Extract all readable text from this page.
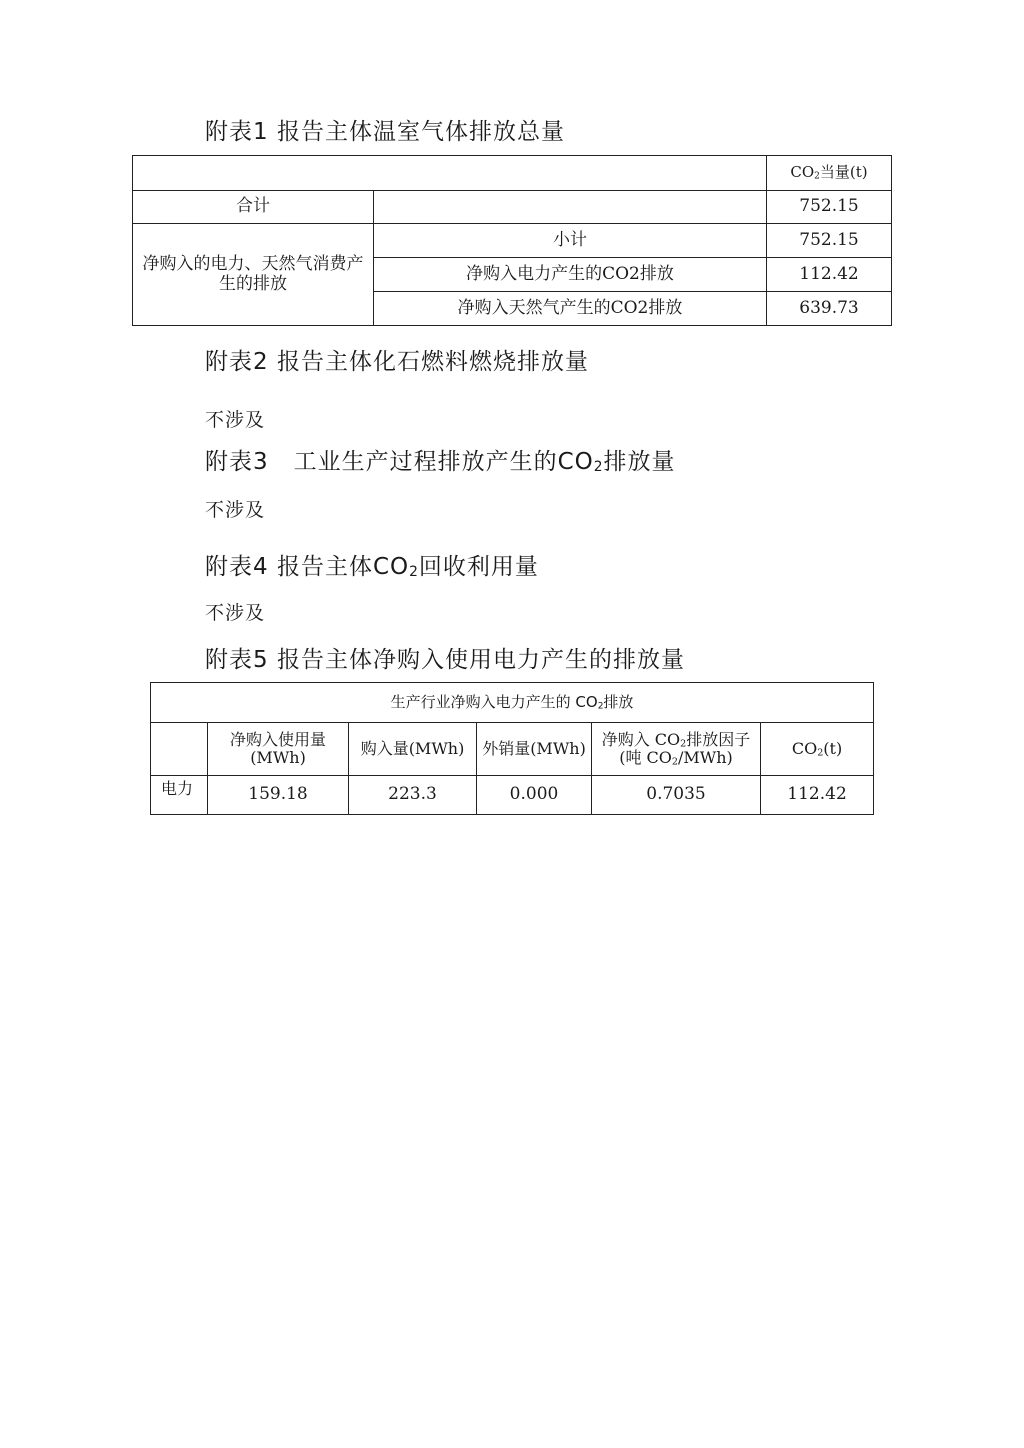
附表1 报告主体温室气体排放总量
		$CO_2$当量(t)
合计		752.15
净购入的电力、天然气消费产生的排放	小计	752.15
	净购入电力产生的CO2排放	112.42
	净购入天然气产生的CO2排放	639.73
附表2 报告主体化石燃料燃烧排放量
不涉及
附表3   工业生产过程排放产生的$CO_2$排放量
不涉及
附表4 报告主体$CO_2$回收利用量
不涉及
附表5 报告主体净购入使用电力产生的排放量
生产行业净购入电力产生的 $CO_2$排放					
	净购入使用量(MWh)	购入量(MWh)	外销量(MWh)	净购入 $CO_2$排放因子(吨 $CO_2/MWh$)	$CO_2(t)$
电力	159.18	223.3	0.000	0.7035	112.42
